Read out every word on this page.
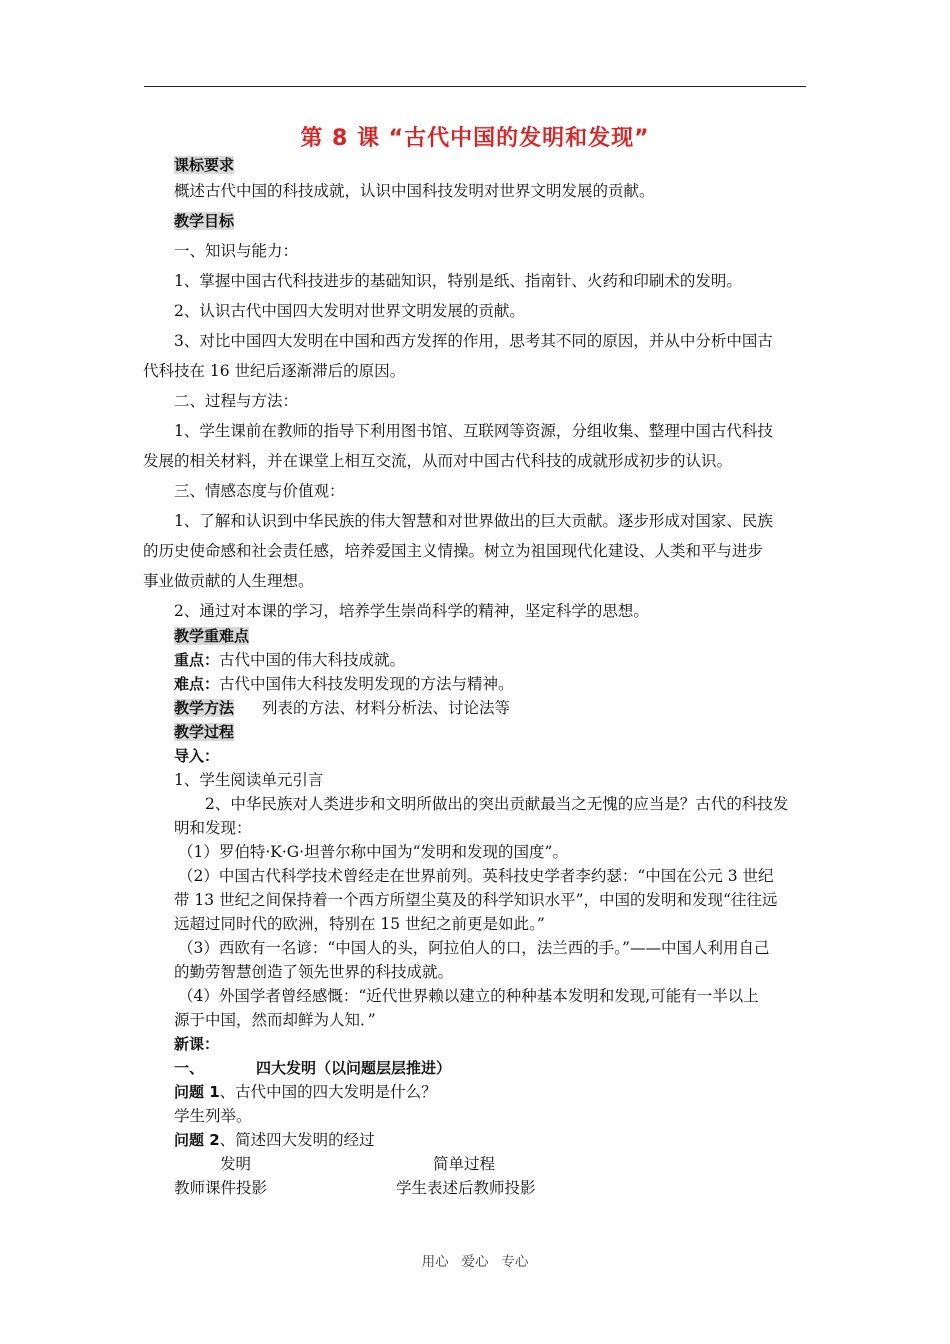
第 8 课 “古代中国的发明和发现”

课标要求

概述古代中国的科技成就，认识中国科技发明对世界文明发展的贡献。

教学目标

一、知识与能力：

1、掌握中国古代科技进步的基础知识，特别是纸、指南针、火药和印刷术的发明。

2、认识古代中国四大发明对世界文明发展的贡献。

3、对比中国四大发明在中国和西方发挥的作用，思考其不同的原因，并从中分析中国古

代科技在 16 世纪后逐渐滞后的原因。

二、过程与方法：

1、学生课前在教师的指导下利用图书馆、互联网等资源，分组收集、整理中国古代科技

发展的相关材料，并在课堂上相互交流，从而对中国古代科技的成就形成初步的认识。

三、情感态度与价值观：

1、了解和认识到中华民族的伟大智慧和对世界做出的巨大贡献。逐步形成对国家、民族

的历史使命感和社会责任感，培养爱国主义情操。树立为祖国现代化建设、人类和平与进步

事业做贡献的人生理想。

2、通过对本课的学习，培养学生崇尚科学的精神，坚定科学的思想。

教学重难点

重点：古代中国的伟大科技成就。

难点：古代中国伟大科技发明发现的方法与精神。

教学方法 列表的方法、材料分析法、讨论法等

教学过程

导入：

1、学生阅读单元引言

2、中华民族对人类进步和文明所做出的突出贡献最当之无愧的应当是？古代的科技发

明和发现：

（1）罗伯特·K·G·坦普尔称中国为“发明和发现的国度”。

（2）中国古代科学技术曾经走在世界前列。英科技史学者李约瑟：“中国在公元 3 世纪

带 13 世纪之间保持着一个西方所望尘莫及的科学知识水平”，中国的发明和发现“往往远

远超过同时代的欧洲，特别在 15 世纪之前更是如此。”

（3）西欧有一名谚：“中国人的头，阿拉伯人的口，法兰西的手。”——中国人利用自己

的勤劳智慧创造了领先世界的科技成就。

（4）外国学者曾经感慨：“近代世界赖以建立的种种基本发明和发现,可能有一半以上

源于中国，然而却鲜为人知．”

新课：

一、	四大发明（以问题层层推进）

问题 1、古代中国的四大发明是什么？

学生列举。

问题 2、简述四大发明的经过

发明	简单过程

教师课件投影	学生表述后教师投影

用心   爱心   专心
